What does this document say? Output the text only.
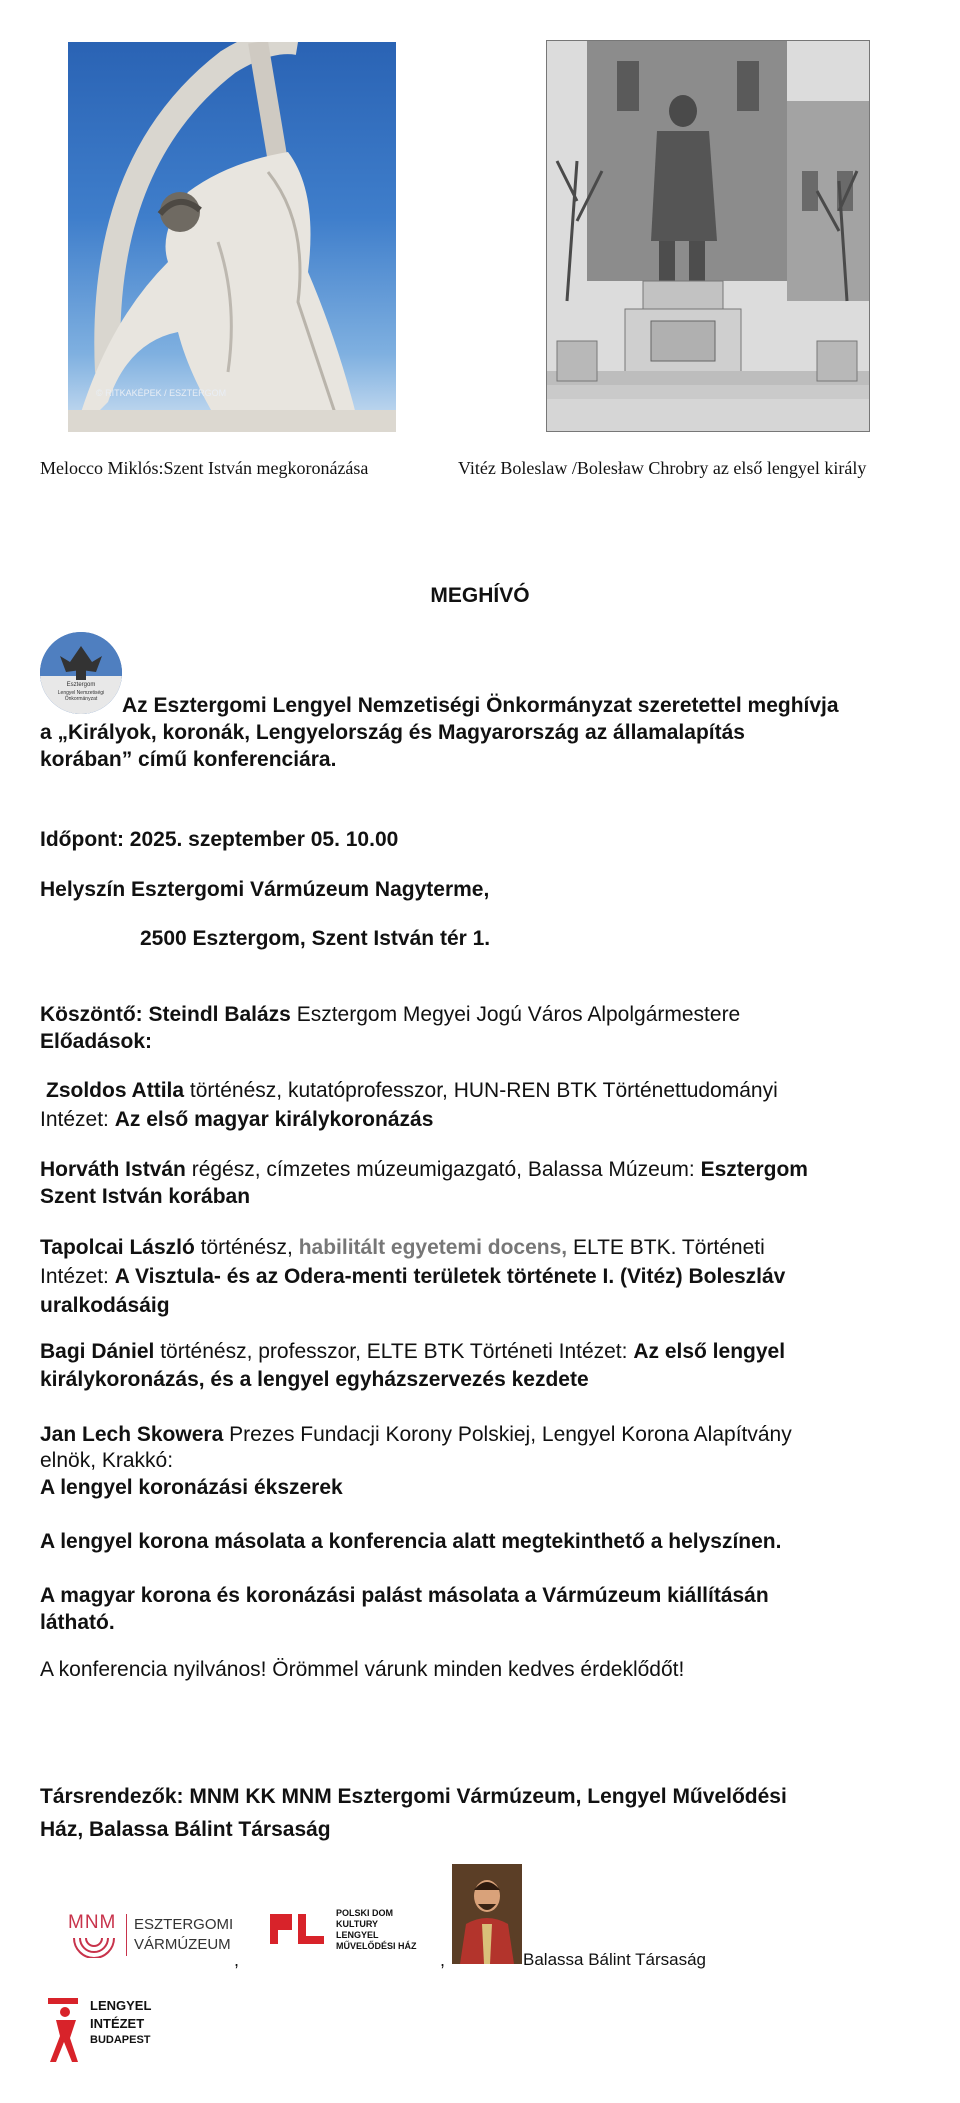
© RITKAKÉPEK / ESZTERGOM
Melocco Miklós:Szent István megkoronázása	Vitéz Boleslaw /Bolesław Chrobry az első lengyel király
MEGHÍVÓ
Esztergom
Lengyel Nemzetiségi Önkormányzat	Az Esztergomi Lengyel Nemzetiségi Önkormányzat szeretettel meghívja
a „Királyok, koronák, Lengyelország és Magyarország az államalapítás
korában” című konferenciára.
Időpont: 2025. szeptember 05. 10.00
Helyszín Esztergomi Vármúzeum Nagyterme,
2500 Esztergom, Szent István tér 1.
Köszöntő: Steindl Balázs Esztergom Megyei Jogú Város Alpolgármestere
Előadások:
Zsoldos Attila történész, kutatóprofesszor, HUN-REN BTK Történettudományi
Intézet: Az első magyar királykoronázás
Horváth István régész, címzetes múzeumigazgató, Balassa Múzeum: Esztergom
Szent István korában
Tapolcai László történész, habilitált egyetemi docens, ELTE BTK. Történeti
Intézet: A Visztula- és az Odera-menti területek története I. (Vitéz) Boleszláv
uralkodásáig
Bagi Dániel történész, professzor, ELTE BTK Történeti Intézet: Az első lengyel
királykoronázás, és a lengyel egyházszervezés kezdete
Jan Lech Skowera Prezes Fundacji Korony Polskiej, Lengyel Korona Alapítvány
elnök, Krakkó:
A lengyel koronázási ékszerek
A lengyel korona másolata a konferencia alatt megtekinthető a helyszínen.
A magyar korona és koronázási palást másolata a Vármúzeum kiállításán
látható.
A konferencia nyilvános! Örömmel várunk minden kedves érdeklődőt!
Társrendezők: MNM KK MNM Esztergomi Vármúzeum, Lengyel Művelődési
Ház, Balassa Bálint Társaság
MNM ESZTERGOMI
VÁRMÚZEUM
,
POLSKI DOM
KULTURY
LENGYEL
MŰVELŐDÉSI HÁZ
,	Balassa Bálint Társaság
LENGYEL
INTÉZET
BUDAPEST
